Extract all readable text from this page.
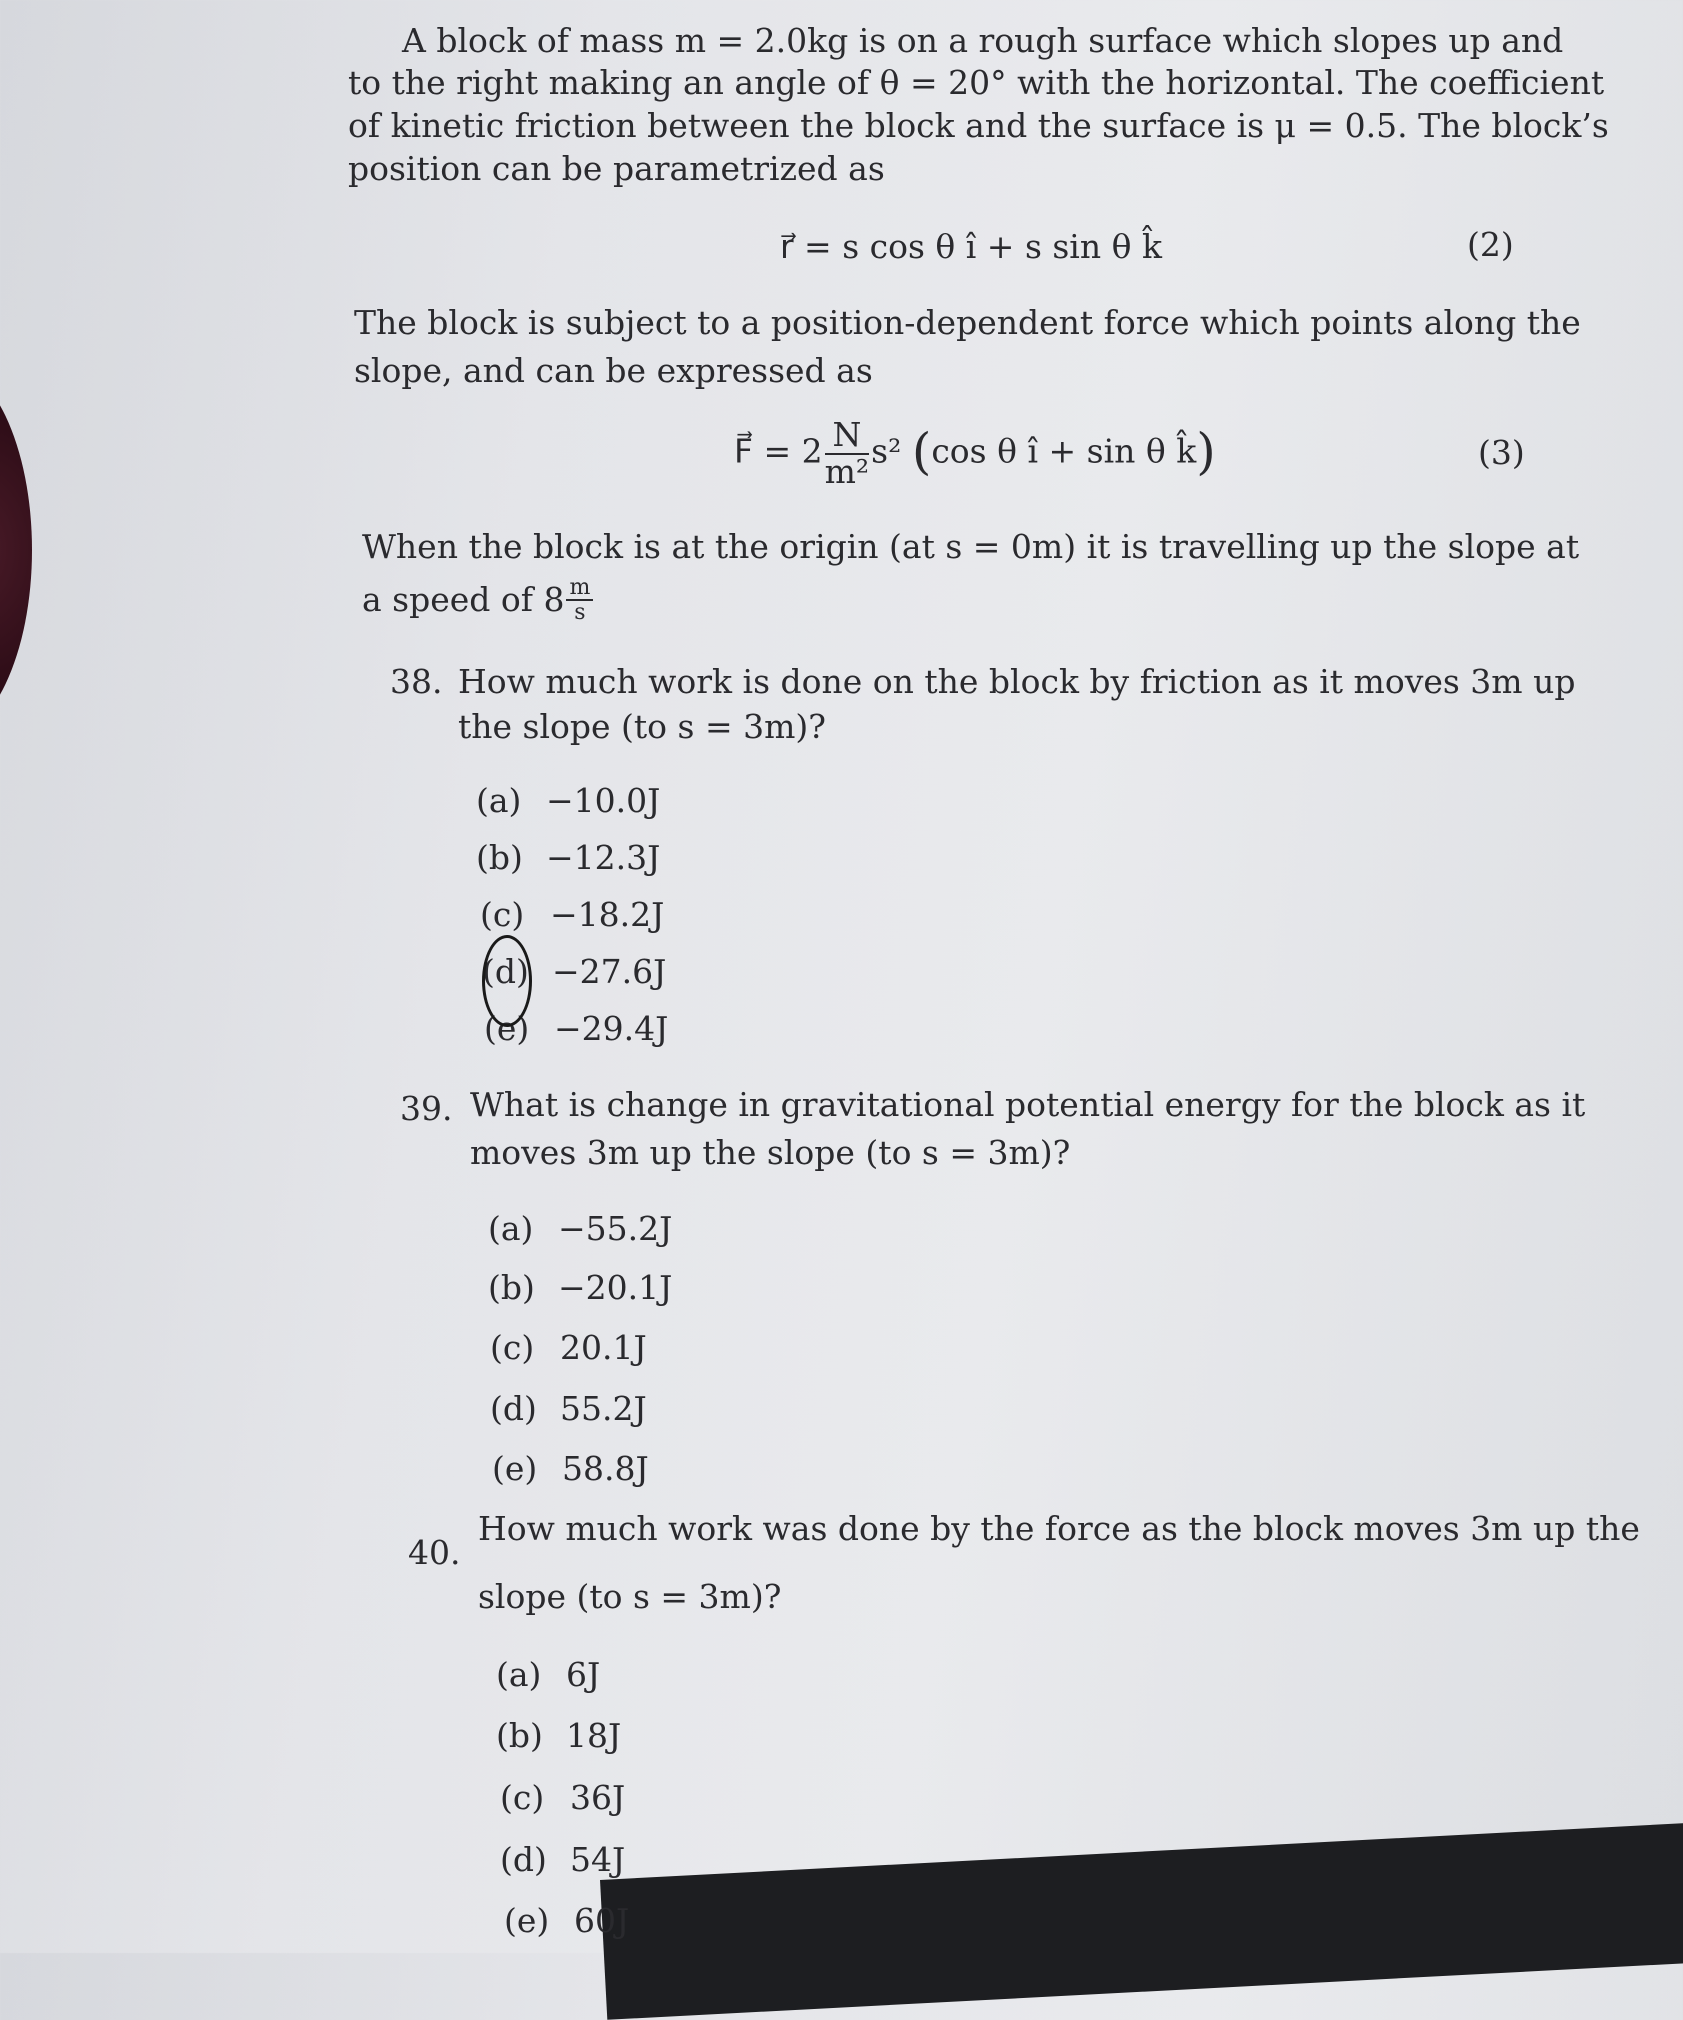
A block of mass m = 2.0kg is on a rough surface which slopes up and
to the right making an angle of θ = 20° with the horizontal. The coefficient
of kinetic friction between the block and the surface is μ = 0.5. The block’s
position can be parametrized as
r⃗ = s cos θ î + s sin θ k̂	(2)
The block is subject to a position-dependent force which points along the
slope, and can be expressed as
F⃗ = $2 \frac{N}{\text{m²}} s^2$ (cos θ î + sin θ k̂)	(3)
When the block is at the origin (at s = 0m) it is travelling up the slope at
a speed of $8 \frac{m}{s}$
38. How much work is done on the block by friction as it moves 3m up
the slope (to s = 3m)?
(a) −10.0J
(b) −12.3J
(c) −18.2J
(d) −27.6J
(e) −29.4J
39. What is change in gravitational potential energy for the block as it
moves 3m up the slope (to s = 3m)?
(a) −55.2J
(b) −20.1J
(c) 20.1J
(d) 55.2J
(e) 58.8J
40.
How much work was done by the force as the block moves 3m up the
slope (to s = 3m)?
(a) 6J
(b) 18J
(c) 36J
(d) 54J
(e) 60J
